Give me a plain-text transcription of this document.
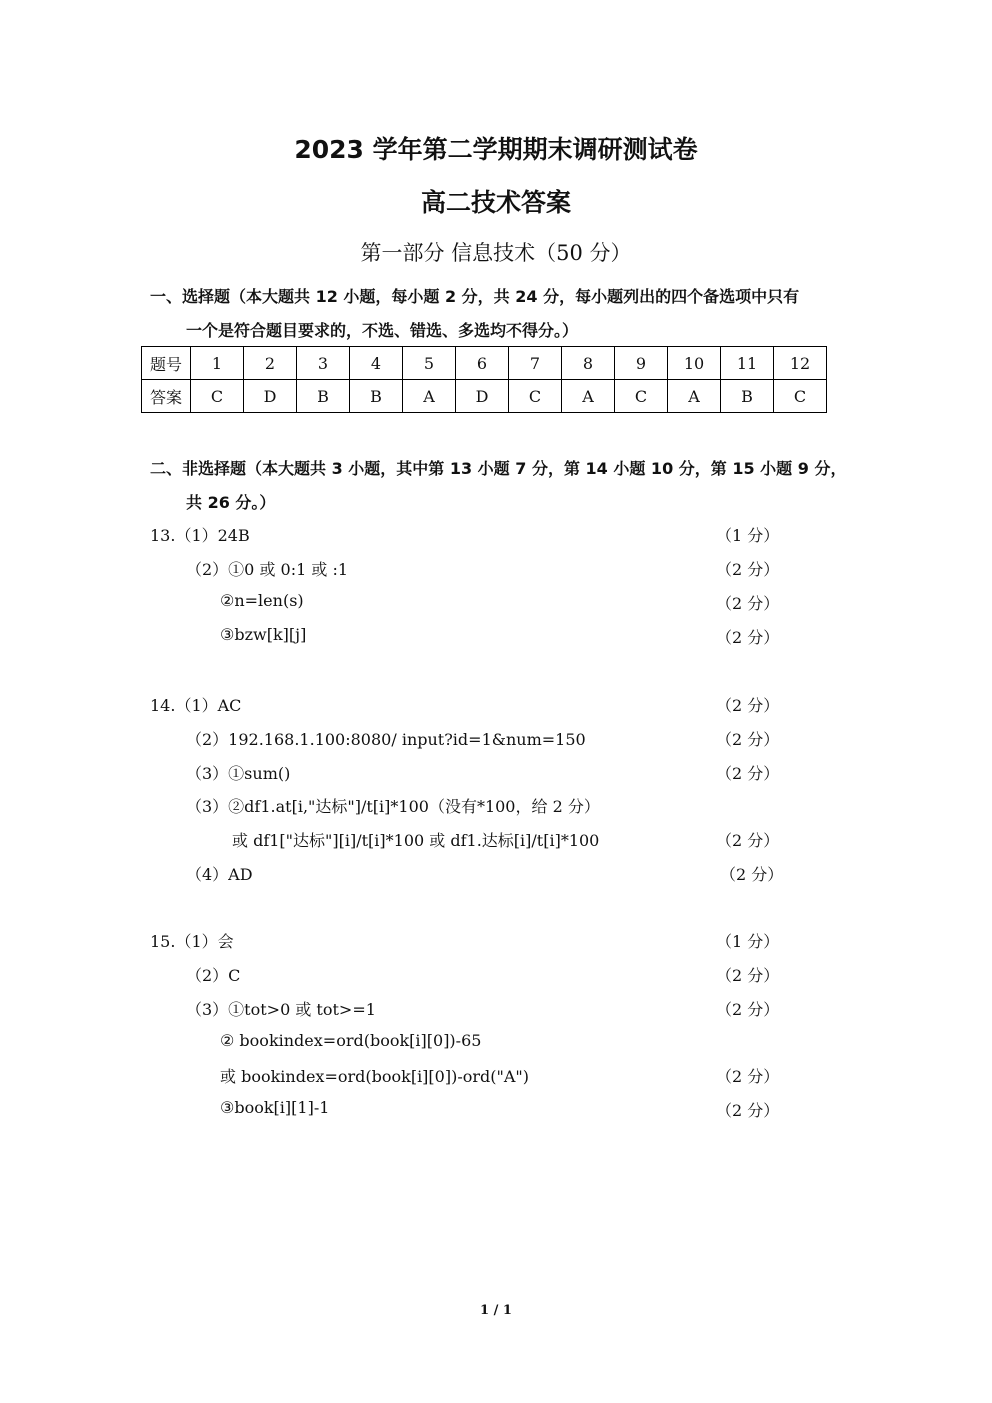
2023 学年第二学期期末调研测试卷
高二技术答案
第一部分 信息技术（50 分）
一、选择题（本大题共 12 小题，每小题 2 分，共 24 分，每小题列出的四个备选项中只有
一个是符合题目要求的，不选、错选、多选均不得分。）
题号	1	2	3	4	5	6	7	8	9	10	11	12
答案	C	D	B	B	A	D	C	A	C	A	B	C
二、非选择题（本大题共 3 小题，其中第 13 小题 7 分，第 14 小题 10 分，第 15 小题 9 分，
共 26 分。）
13.（1）24B	（1 分）
（2）①0 或 0:1 或 :1	（2 分）
②n=len(s)	（2 分）
③bzw[k][j]	（2 分）
14.（1）AC	（2 分）
（2）192.168.1.100:8080/ input?id=1&num=150	（2 分）
（3）①sum()	（2 分）
（3）②df1.at[i,"达标"]/t[i]*100（没有*100，给 2 分）
或 df1["达标"][i]/t[i]*100 或 df1.达标[i]/t[i]*100	（2 分）
（4）AD	（2 分）
15.（1）会	（1 分）
（2）C	（2 分）
（3）①tot>0 或 tot>=1	（2 分）
② bookindex=ord(book[i][0])-65
或 bookindex=ord(book[i][0])-ord("A")	（2 分）
③book[i][1]-1	（2 分）
1 / 1
